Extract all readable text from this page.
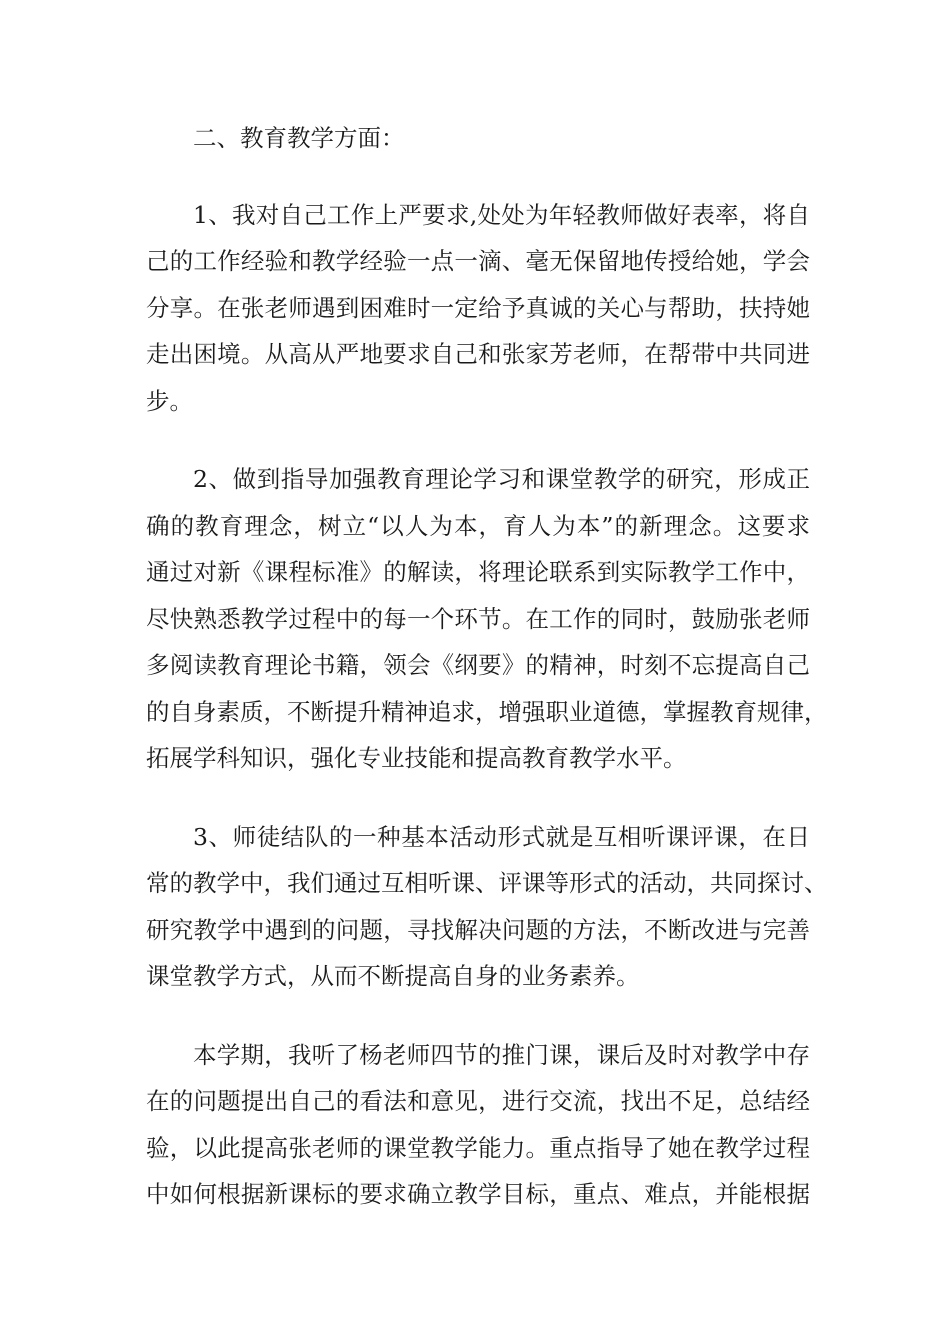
二、教育教学方面：
1、我对自己工作上严要求,处处为年轻教师做好表率，将自
己的工作经验和教学经验一点一滴、毫无保留地传授给她，学会
分享。在张老师遇到困难时一定给予真诚的关心与帮助，扶持她
走出困境。从高从严地要求自己和张家芳老师，在帮带中共同进
步。
2、做到指导加强教育理论学习和课堂教学的研究，形成正
确的教育理念，树立“以人为本，育人为本”的新理念。这要求
通过对新《课程标准》的解读，将理论联系到实际教学工作中，
尽快熟悉教学过程中的每一个环节。在工作的同时，鼓励张老师
多阅读教育理论书籍，领会《纲要》的精神，时刻不忘提高自己
的自身素质，不断提升精神追求，增强职业道德，掌握教育规律，
拓展学科知识，强化专业技能和提高教育教学水平。
3、师徒结队的一种基本活动形式就是互相听课评课，在日
常的教学中，我们通过互相听课、评课等形式的活动，共同探讨、
研究教学中遇到的问题，寻找解决问题的方法，不断改进与完善
课堂教学方式，从而不断提高自身的业务素养。
本学期，我听了杨老师四节的推门课，课后及时对教学中存
在的问题提出自己的看法和意见，进行交流，找出不足，总结经
验，以此提高张老师的课堂教学能力。重点指导了她在教学过程
中如何根据新课标的要求确立教学目标，重点、难点，并能根据
